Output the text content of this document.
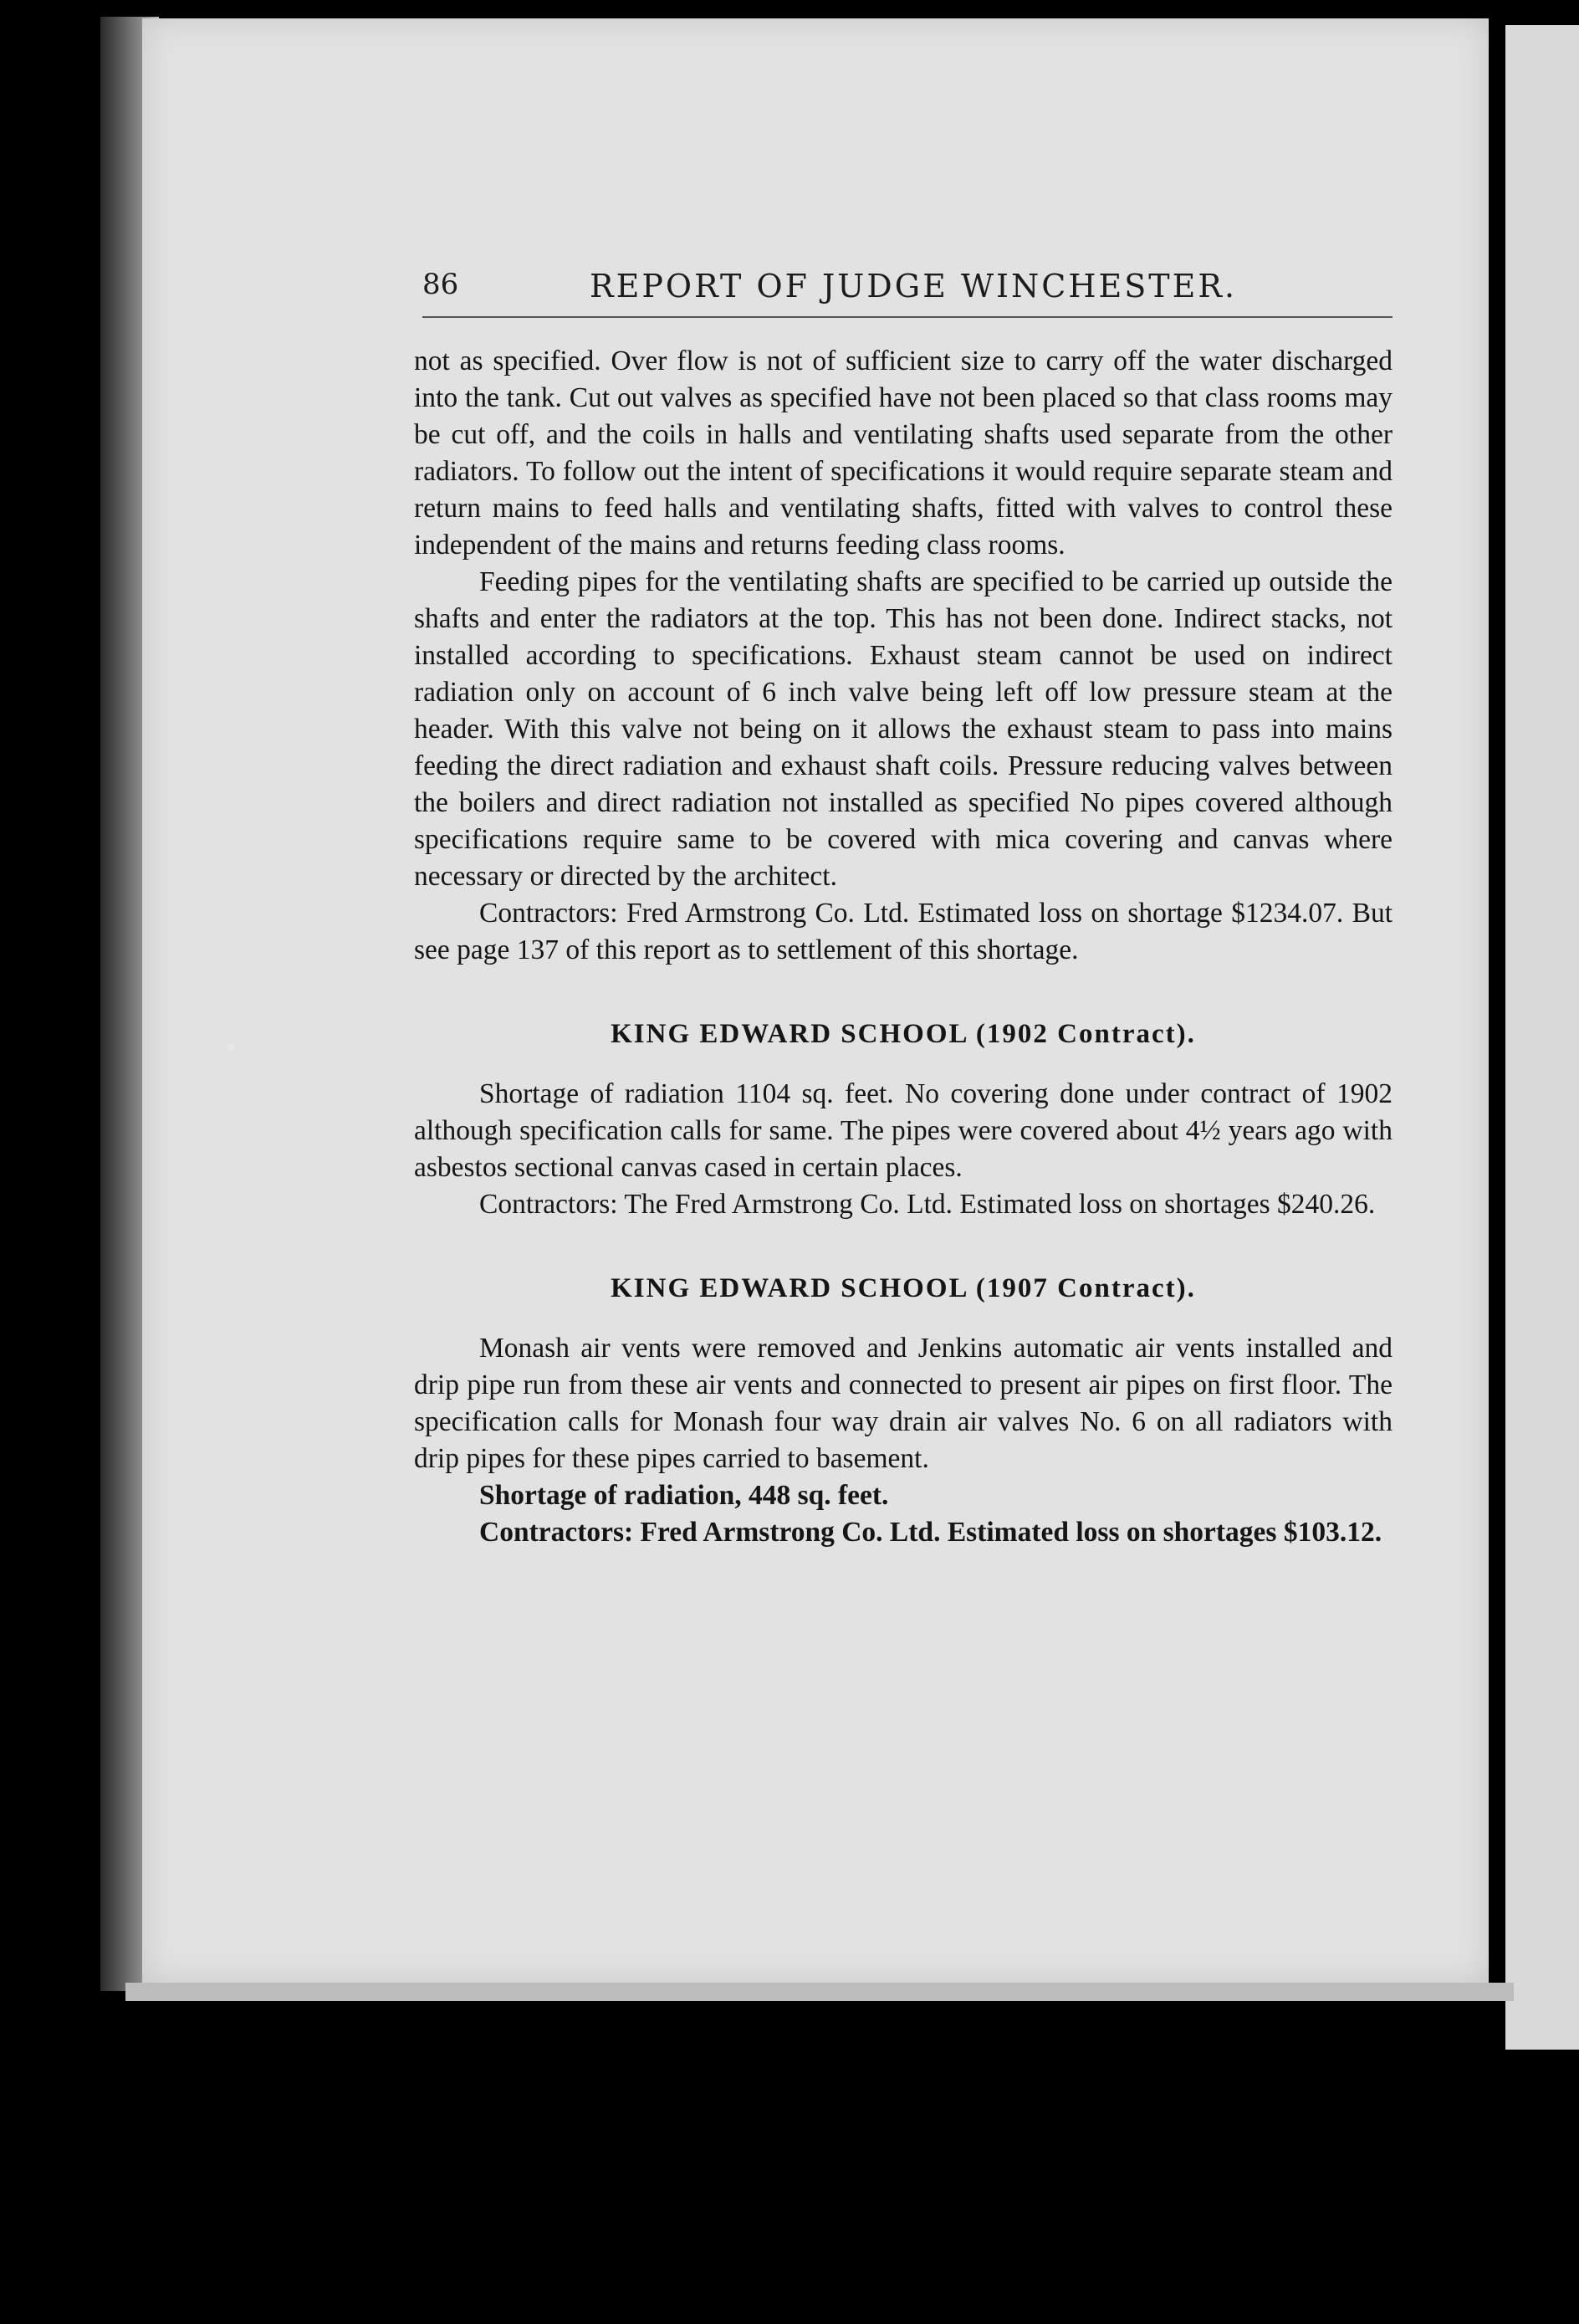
86	REPORT OF JUDGE WINCHESTER.

not as specified. Over flow is not of sufficient size to carry off the water discharged into the tank. Cut out valves as specified have not been placed so that class rooms may be cut off, and the coils in halls and ventilating shafts used separate from the other radiators. To follow out the intent of specifications it would require separate steam and return mains to feed halls and ventilating shafts, fitted with valves to control these independent of the mains and returns feeding class rooms.

Feeding pipes for the ventilating shafts are specified to be carried up outside the shafts and enter the radiators at the top. This has not been done. Indirect stacks, not installed according to specifications. Exhaust steam cannot be used on indirect radiation only on account of 6 inch valve being left off low pressure steam at the header. With this valve not being on it allows the exhaust steam to pass into mains feeding the direct radiation and exhaust shaft coils. Pressure reducing valves between the boilers and direct radiation not installed as specified No pipes covered although specifications require same to be covered with mica covering and canvas where necessary or directed by the architect.

Contractors: Fred Armstrong Co. Ltd. Estimated loss on shortage $1234.07. But see page 137 of this report as to settlement of this shortage.

KING EDWARD SCHOOL (1902 Contract).

Shortage of radiation 1104 sq. feet. No covering done under contract of 1902 although specification calls for same. The pipes were covered about 4½ years ago with asbestos sectional canvas cased in certain places.

Contractors: The Fred Armstrong Co. Ltd. Estimated loss on shortages $240.26.

KING EDWARD SCHOOL (1907 Contract).

Monash air vents were removed and Jenkins automatic air vents installed and drip pipe run from these air vents and connected to present air pipes on first floor. The specification calls for Monash four way drain air valves No. 6 on all radiators with drip pipes for these pipes carried to basement.

Shortage of radiation, 448 sq. feet.

Contractors: Fred Armstrong Co. Ltd. Estimated loss on shortages $103.12.
